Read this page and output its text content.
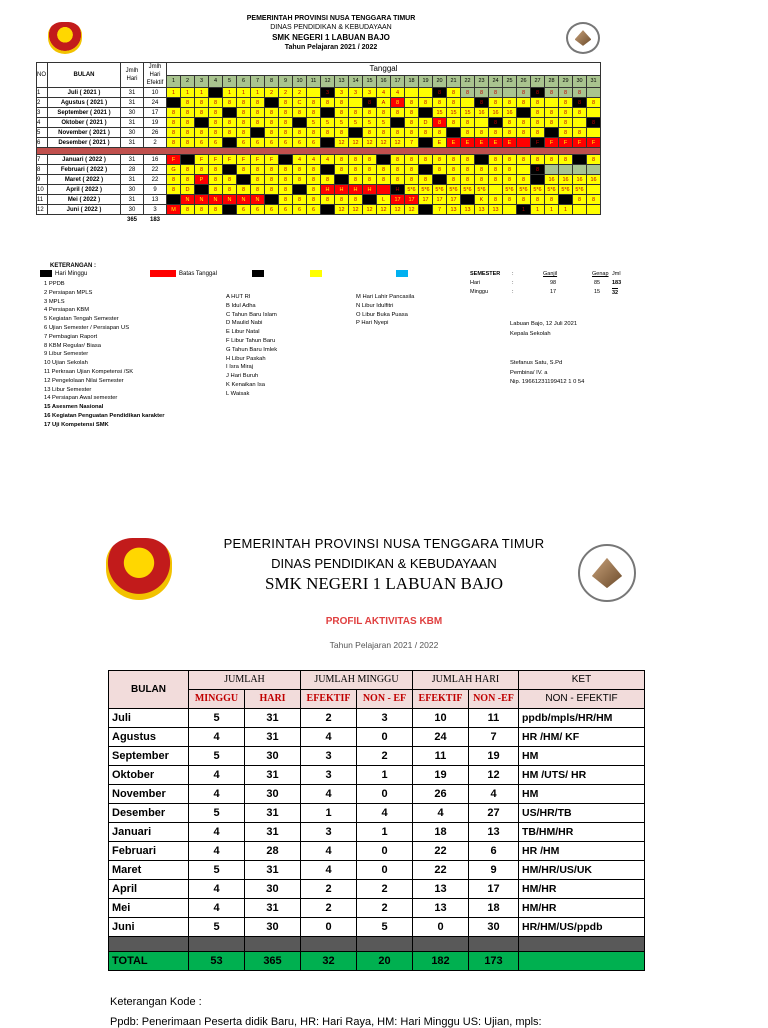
PEMERINTAH PROVINSI NUSA TENGGARA TIMUR
DINAS PENDIDIKAN & KEBUDAYAAN
SMK NEGERI 1 LABUAN BAJO
Tahun Pelajaran 2021 / 2022
NO	BULAN	Jmlh Hari	Jmlh Hari Efektif	Tanggal																														
				1	2	3	4	5	6	7	8	9	10	11	12	13	14	15	16	17	18	19	20	21	22	23	24	25	26	27	28	29	30	31
1	Juli ( 2021 )	31	10	1	1	1		1	1	1	2	2	2		3	3	3	3	4	4			8	8	8	8	8		8	8	8	8	8	
2	Agustus ( 2021 )	31	24		8	8	8	8	8	8		8	C	8	8	8		8	A	8	8	8	8	8		8	8	8	8	8		8	8	8
3	September ( 2021 )	30	17	8	8	8	8		8	8	8	8	8	8		8	8	8	8	8	8		15	15	15	16	16	16		8	8	8	8	
4	Oktober ( 2021 )	31	19	8	8		8	8	8	8	8	8		5	5	5	5	5	5		8	D	8	8	8		8	8	8	8	8	8		8
5	November ( 2021 )	30	26	8	8	8	8	8	8		8	8	8	8	8	8		8	8	8	8	8	8		8	8	8	8	8	8		8	8	
6	Desember ( 2021 )	31	2	8	8	6	6		6	6	6	6	6	6		12	12	12	12	12	7		E	E	E	E	E	E		F	F	F	F	F

7	Januari ( 2022 )	31	16	F		F	F	F	F	F	F		4	4	4	8	8	8		8	8	8	8	8	8		8	8	8	8	8	8		8
8	Februari ( 2022 )	28	22	G	8	8	8		8	8	8	8	8	8		8	8	8	8	8	8		8	8	8	8	8	8		8				
9	Maret ( 2022 )	31	22	8	8	P	8	8		8	8	8	8	8	8		8	8	8	8	8	8		8	8	8	8	8	8		16	16	16	16
10	April ( 2022 )	30	9	8	D		8	8	8	8	8	8		8	H	H	H	H		H	5*6	5*6	5*6	5*6	5*6	5*6		5*6	5*6	5*6	5*6	5*6	5*6	
11	Mei ( 2022 )	31	13		N	N	N	N	N	N		8	8	8	8	8	8		L	17	17	17	17	17		K	8	8	8	8	8		8	8
12	Juni ( 2022 )	30	3	M	8	8	8		6	6	6	6	6	6		12	12	12	12	12	12		7	13	13	13	13		1	1	1	1		
		365	183																															
KETERANGAN :
Hari Minggu	Batas Tanggal
1 PPDB
2 Persiapan MPLS
3 MPLS
4 Persiapan KBM
5 Kegiatan Tengah Semester
6 Ujian Semester / Persiapan US
7 Pembagian Raport
8 KBM Regular/ Biasa
9 Libur Semester
10 Ujian Sekolah
11 Perkraan Ujian Kompetensi /SK
12 Pengelolaan Nilai Semester
13 Libur Semester
14 Persiapan Awal semester
15 Asesmen Nasional
16 Kegiatan Penguatan Pendidikan karakter
17 Uji Kompetensi SMK
A HUT RI
B Idul Adha
C Tahun Baru Islam
D Maulid Nabi
E Libur Natal
F Libur Tahun Baru
G Tahun Baru Imlek
H Libur Paskah
I Isra Miraj
J Hari Buruh
K Kenaikan Isa
L Waisak
M Hari Lahir Pancasila
N Libur Idulfitri
O Libur Buka Puasa
P Hari Nyepi
SEMESTER :	Ganjil	Genap Jml
Hari	:	98	85 183
Minggu	:	17	15 32
Labuan Bajo, 12 Juli 2021
Kepala Sekolah
Stefanus Satu, S.Pd
Pembina/ IV. a
Nip. 19661231199412 1 0 54
PEMERINTAH PROVINSI NUSA TENGGARA TIMUR
DINAS PENDIDIKAN & KEBUDAYAAN
SMK NEGERI 1 LABUAN BAJO
PROFIL AKTIVITAS KBM
Tahun Pelajaran 2021 / 2022
BULAN	JUMLAH		JUMLAH MINGGU		JUMLAH HARI		KET
	MINGGU	HARI	EFEKTIF	NON - EF	EFEKTIF	NON -EF	NON - EFEKTIF
Juli	5	31	2	3	10	11	ppdb/mpls/HR/HM
Agustus	4	31	4	0	24	7	HR /HM/ KF
September	5	30	3	2	11	19	HM
Oktober	4	31	3	1	19	12	HM /UTS/ HR
November	4	30	4	0	26	4	HM
Desember	5	31	1	4	4	27	US/HR/TB
Januari	4	31	3	1	18	13	TB/HM/HR
Februari	4	28	4	0	22	6	HR /HM
Maret	5	31	4	0	22	9	HM/HR/US/UK
April	4	30	2	2	13	17	HM/HR
Mei	4	31	2	2	13	18	HM/HR
Juni	5	30	0	5	0	30	HR/HM/US/ppdb

TOTAL	53	365	32	20	182	173	
Keterangan Kode :
Ppdb: Penerimaan Peserta didik Baru, HR: Hari Raya, HM: Hari Minggu US: Ujian, mpls:
